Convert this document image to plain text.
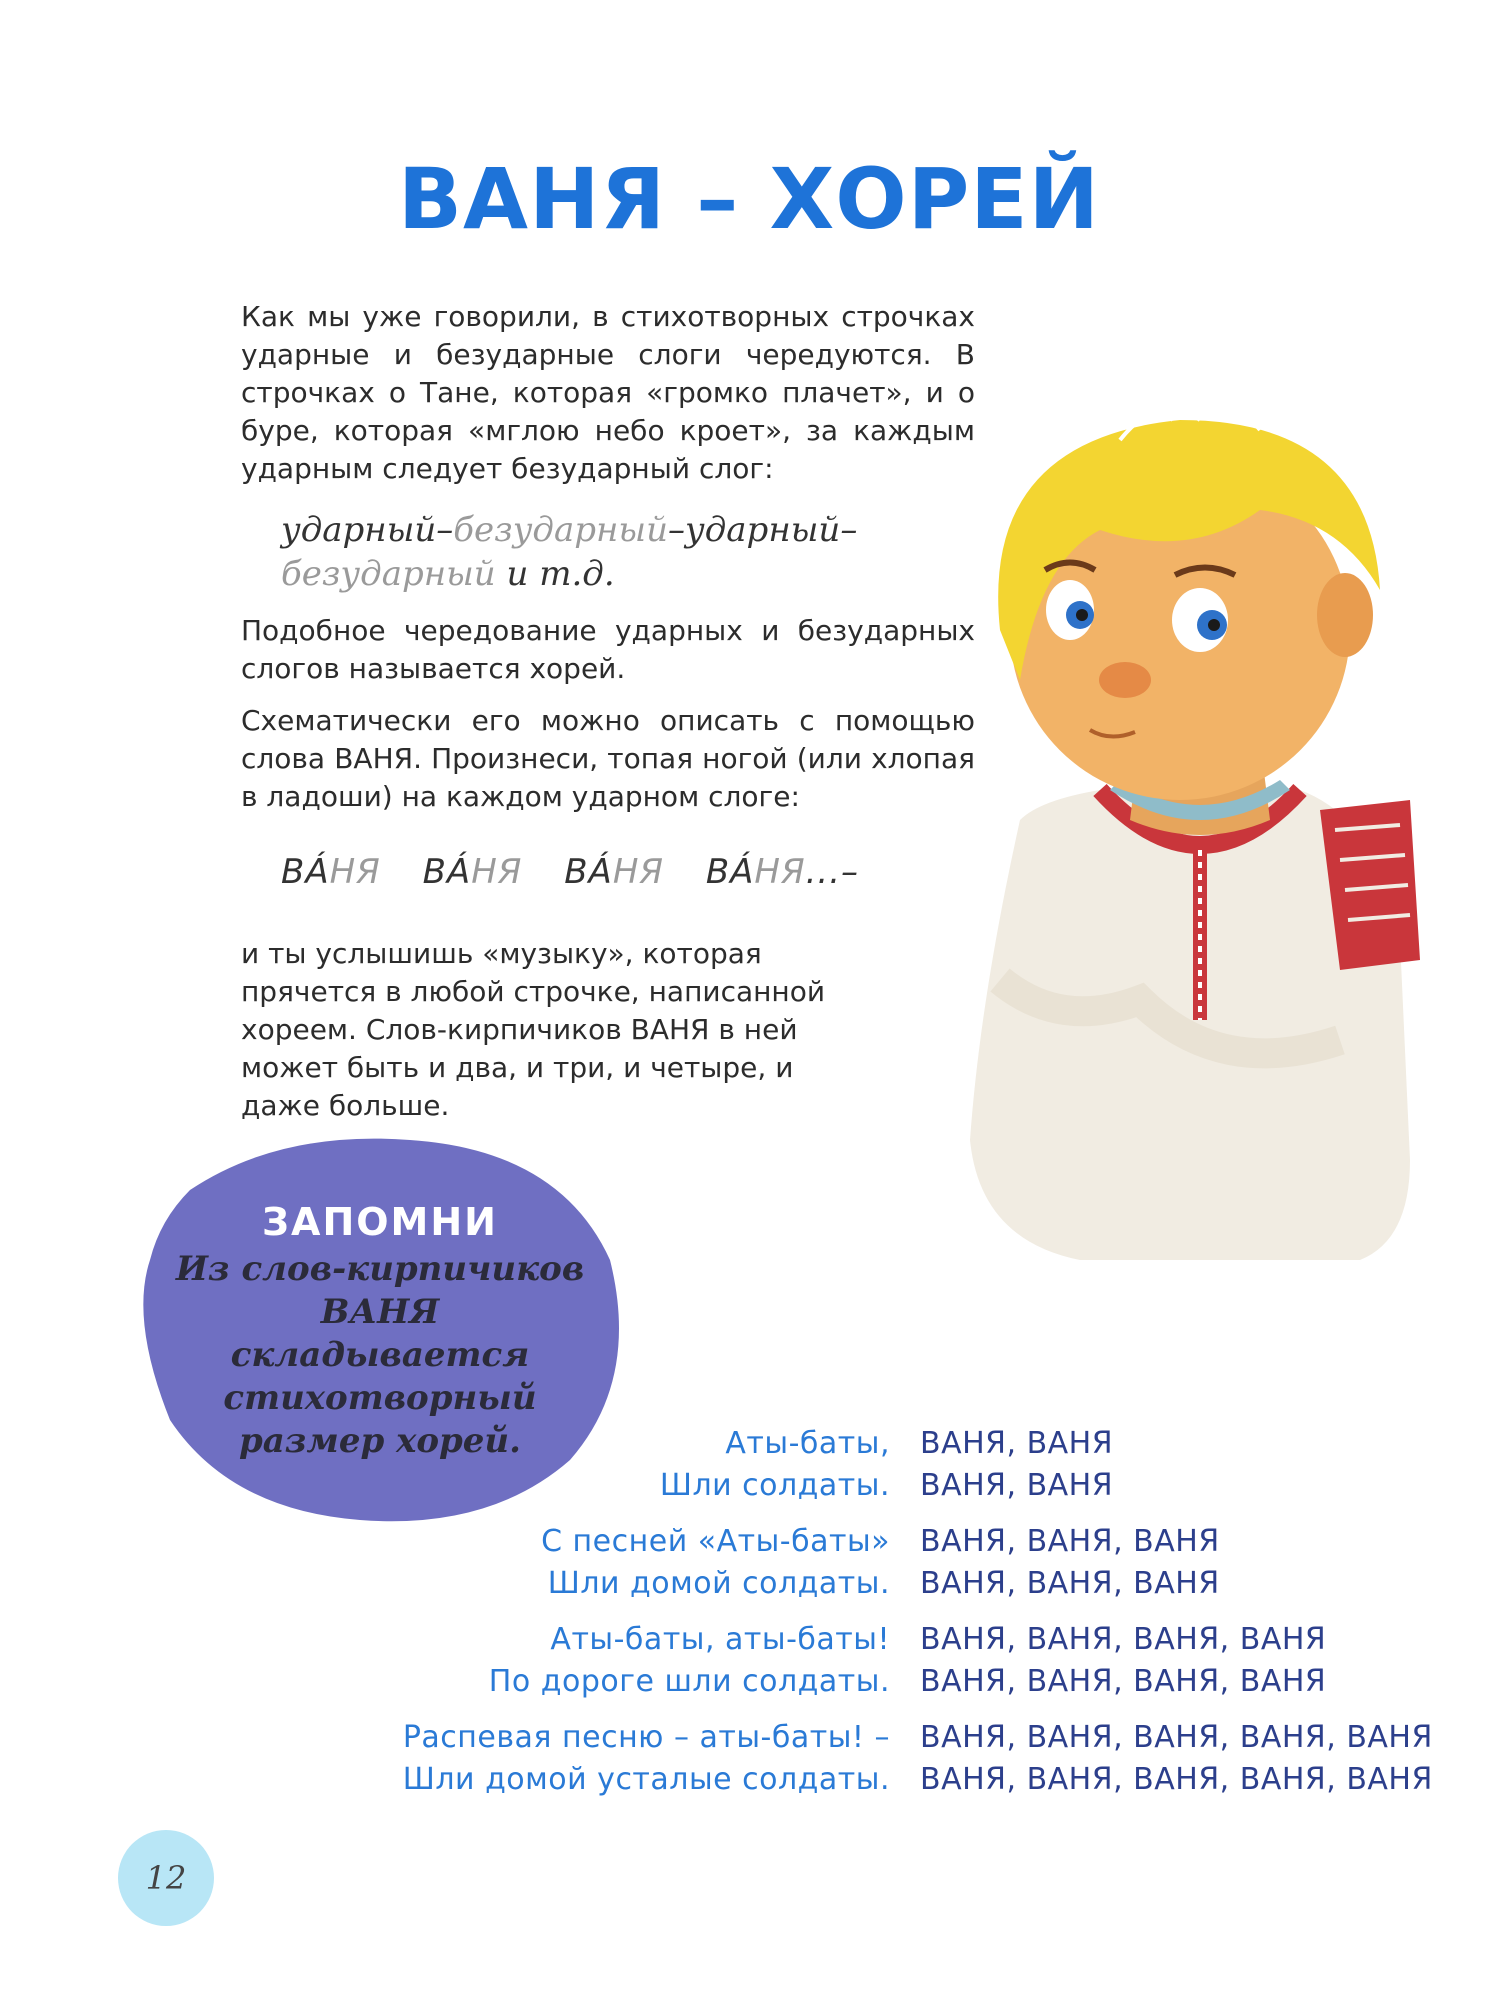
ВАНЯ – ХОРЕЙ

Как мы уже говорили, в стихотворных строчках ударные и безударные слоги чередуются. В строчках о Тане, которая «громко плачет», и о буре, которая «мглою небо кроет», за каждым ударным следует безударный слог:

ударный–безударный–ударный–
безударный и т.д.

Подобное чередование ударных и безударных слогов называется хорей.

Схематически его можно описать с помощью слова ВАНЯ. Произнеси, топая ногой (или хлопая в ладоши) на каждом ударном слоге:

ВÁНЯ ВÁНЯ ВÁНЯ ВÁНЯ...–

и ты услышишь «музыку», которая прячется в любой строчке, написанной хореем. Слов-кирпичиков ВАНЯ в ней может быть и два, и три, и четыре, и даже больше.

ЗАПОМНИ
Из слов-кирпичиков ВАНЯ складывается стихотворный размер хорей.	Аты-баты, ВАНЯ, ВАНЯ
Шли солдаты. ВАНЯ, ВАНЯ
С песней «Аты-баты» ВАНЯ, ВАНЯ, ВАНЯ
Шли домой солдаты. ВАНЯ, ВАНЯ, ВАНЯ
Аты-баты, аты-баты! ВАНЯ, ВАНЯ, ВАНЯ, ВАНЯ
По дороге шли солдаты. ВАНЯ, ВАНЯ, ВАНЯ, ВАНЯ
Распевая песню – аты-баты! – ВАНЯ, ВАНЯ, ВАНЯ, ВАНЯ, ВАНЯ
Шли домой усталые солдаты. ВАНЯ, ВАНЯ, ВАНЯ, ВАНЯ, ВАНЯ
12
